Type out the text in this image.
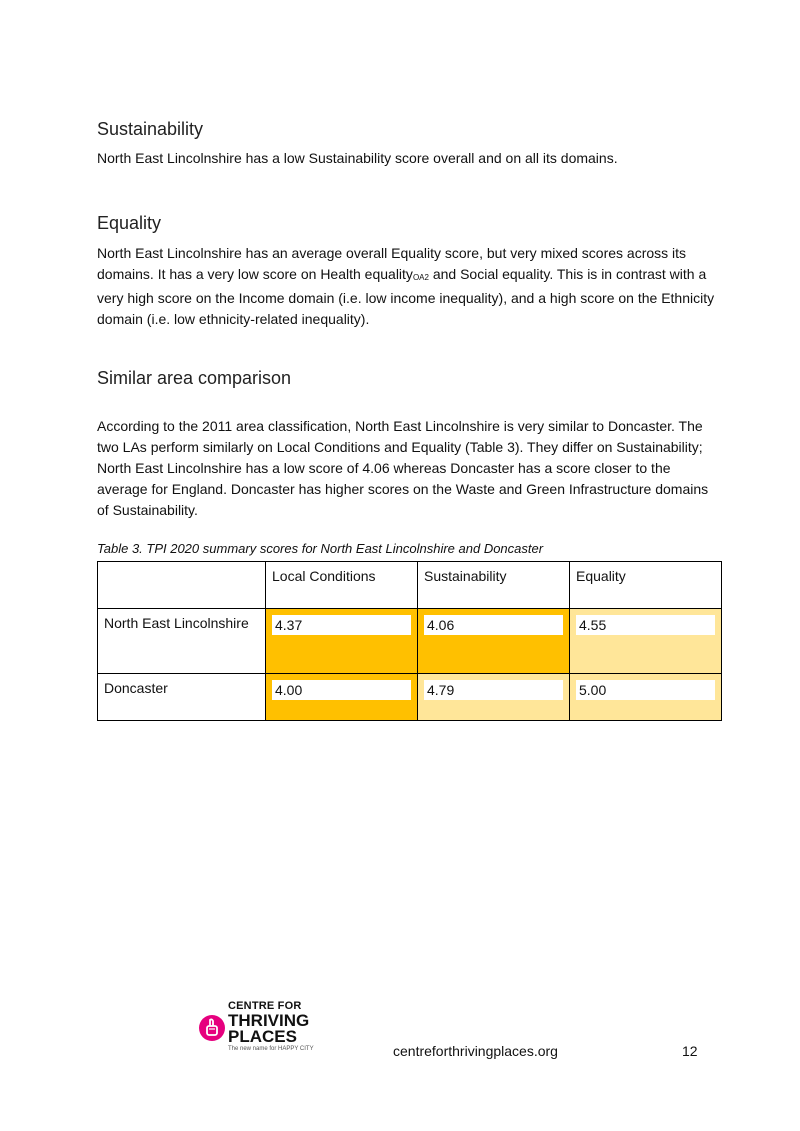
Sustainability

North East Lincolnshire has a low Sustainability score overall and on all its domains.

Equality

North East Lincolnshire has an average overall Equality score, but very mixed scores across its domains. It has a very low score on Health equality$_{OA2}$ and Social equality. This is in contrast with a very high score on the Income domain (i.e. low income inequality), and a high score on the Ethnicity domain (i.e. low ethnicity-related inequality).

Similar area comparison

According to the 2011 area classification, North East Lincolnshire is very similar to Doncaster. The two LAs perform similarly on Local Conditions and Equality (Table 3). They differ on Sustainability; North East Lincolnshire has a low score of 4.06 whereas Doncaster has a score closer to the average for England. Doncaster has higher scores on the Waste and Green Infrastructure domains of Sustainability.

Table 3. TPI 2020 summary scores for North East Lincolnshire and Doncaster

	Local Conditions	Sustainability	Equality
North East Lincolnshire	4.37	4.06	4.55

Doncaster	4.00	4.79	5.00
CENTRE FOR
THRIVING
PLACES
The new name for HAPPY CITY	centreforthrivingplaces.org	12
